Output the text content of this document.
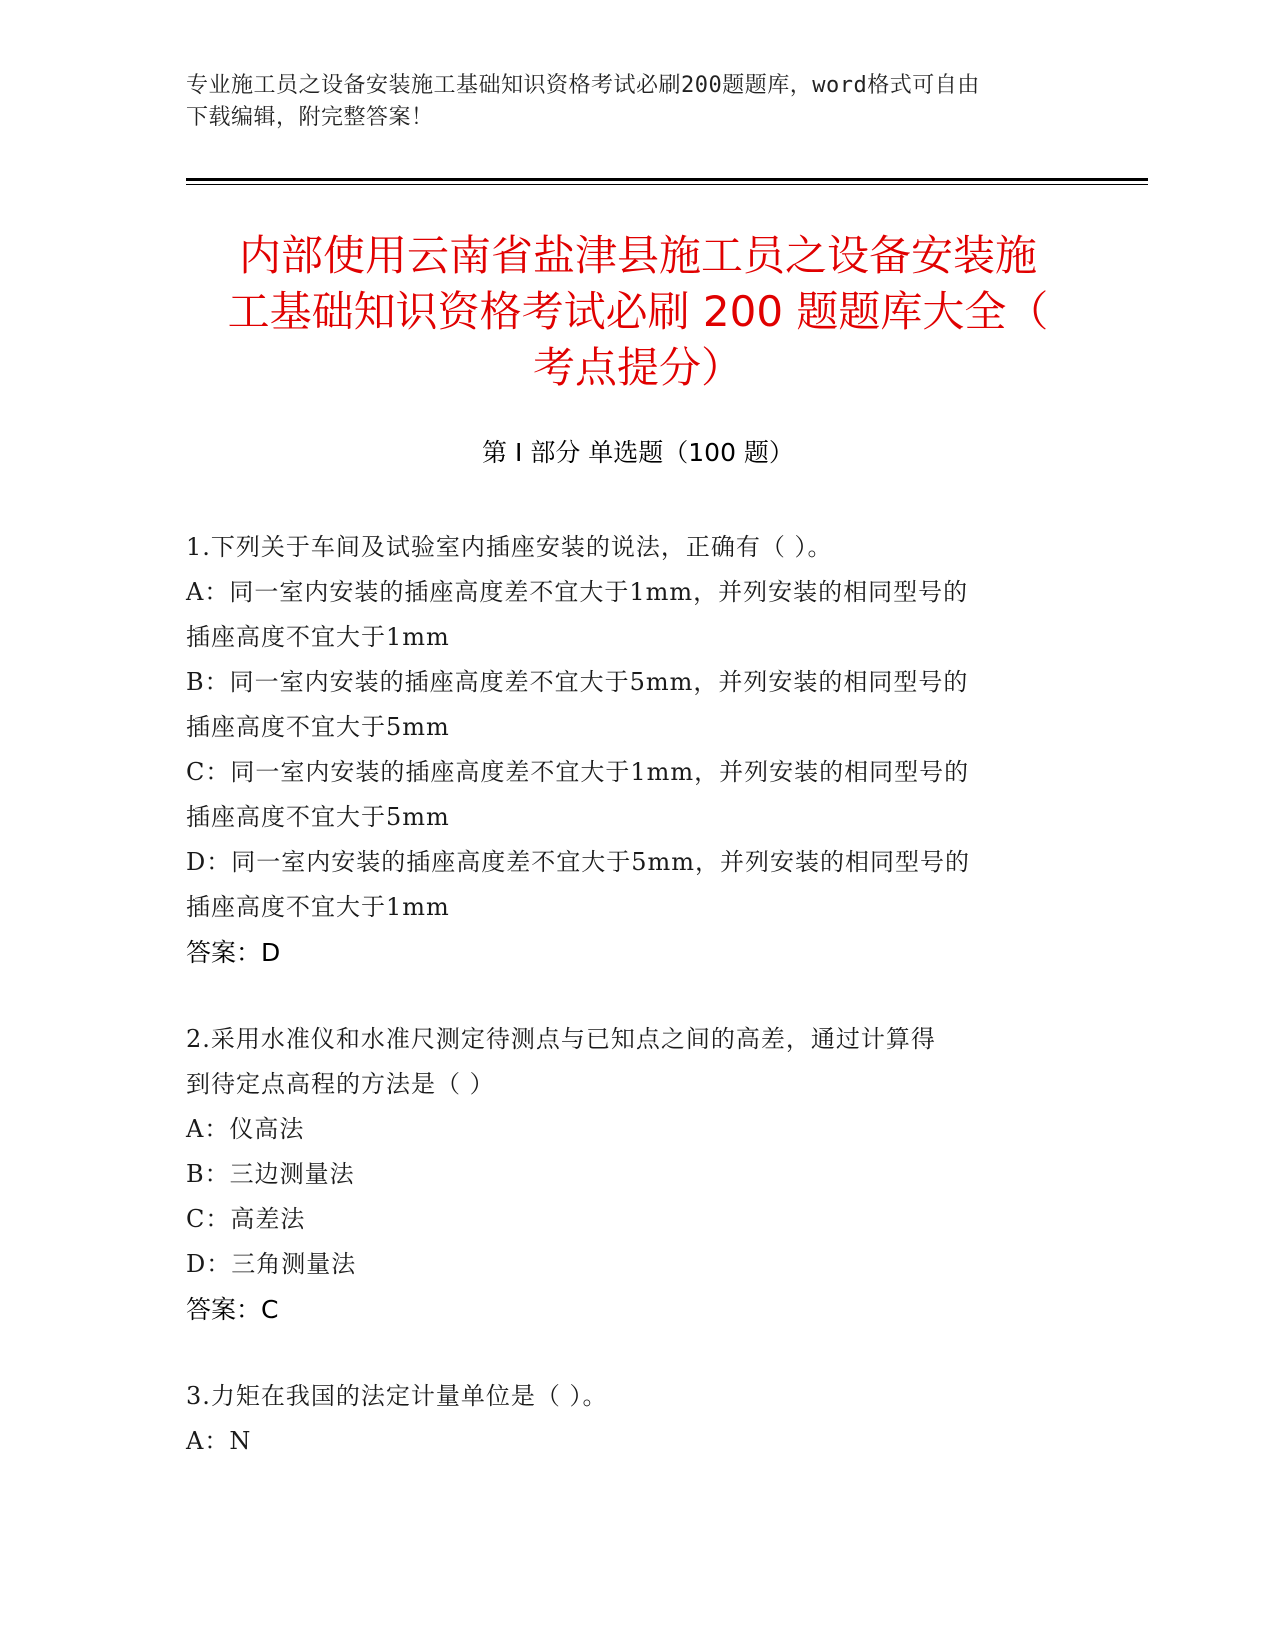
专业施工员之设备安装施工基础知识资格考试必刷200题题库，word格式可自由
下载编辑，附完整答案！
内部使用云南省盐津县施工员之设备安装施
工基础知识资格考试必刷 200 题题库大全（
考点提分）
第 I 部分 单选题（100 题）

1.下列关于车间及试验室内插座安装的说法，正确有（ ）。

A：同一室内安装的插座高度差不宜大于1mm，并列安装的相同型号的

插座高度不宜大于1mm

B：同一室内安装的插座高度差不宜大于5mm，并列安装的相同型号的

插座高度不宜大于5mm

C：同一室内安装的插座高度差不宜大于1mm，并列安装的相同型号的

插座高度不宜大于5mm

D：同一室内安装的插座高度差不宜大于5mm，并列安装的相同型号的

插座高度不宜大于1mm

答案：D

2.采用水准仪和水准尺测定待测点与已知点之间的高差，通过计算得

到待定点高程的方法是（ ）

A：仪高法

B：三边测量法

C：高差法

D：三角测量法

答案：C

3.力矩在我国的法定计量单位是（ ）。

A：N
